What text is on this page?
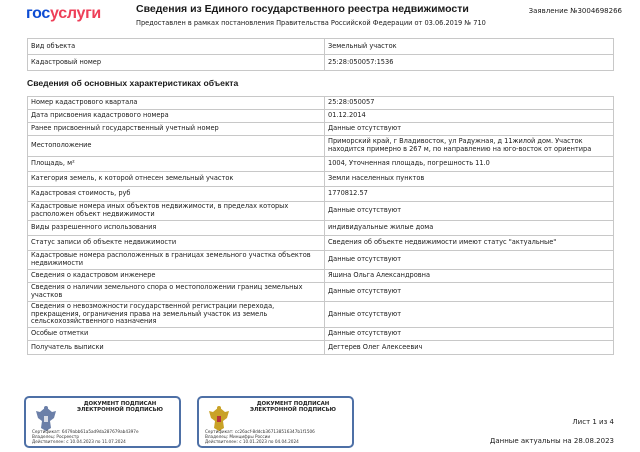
госуслуги	Сведения из Единого государственного реестра недвижимости
Предоставлен в рамках постановления Правительства Российской Федерации от 03.06.2019 № 710
Заявление №3004698266
Вид объекта	Земельный участок
Кадастровый номер	25:28:050057:1536
Сведения об основных характеристиках объекта
Номер кадастрового квартала	25:28:050057
Дата присвоения кадастрового номера	01.12.2014
Ранее присвоенный государственный учетный номер	Данные отсутствуют
Местоположение	Приморский край, г Владивосток, ул Радужная, д 11жилой дом. Участок находится примерно в 267 м, по направлению на юго-восток от ориентира
Площадь, м²	1004, Уточненная площадь, погрешность 11.0
Категория земель, к которой отнесен земельный участок	Земли населенных пунктов
Кадастровая стоимость, руб	1770812.57
Кадастровые номера иных объектов недвижимости, в пределах которых расположен объект недвижимости	Данные отсутствуют
Виды разрешенного использования	индивидуальные жилые дома
Статус записи об объекте недвижимости	Сведения об объекте недвижимости имеют статус "актуальные"
Кадастровые номера расположенных в границах земельного участка объектов недвижимости	Данные отсутствуют
Сведения о кадастровом инженере	Яшина Ольга Александровна
Сведения о наличии земельного спора о местоположении границ земельных участков	Данные отсутствуют
Сведения о невозможности государственной регистрации перехода, прекращения, ограничения права на земельный участок из земель сельскохозяйственного назначения	Данные отсутствуют
Особые отметки	Данные отсутствуют
Получатель выписки	Дегтерев Олег Алексеевич
ДОКУМЕНТ ПОДПИСАН ЭЛЕКТРОННОЙ ПОДПИСЬЮ
Сертификат: 6479abb61a5ad9da287679ab4397e
Владелец: Росреестр
Действителен: с 10.04.2023 по 11.07.2024
ДОКУМЕНТ ПОДПИСАН ЭЛЕКТРОННОЙ ПОДПИСЬЮ
Сертификат: cc26acf-8ddcb367138516347b1f1506
Владелец: Минцифры России
Действителен: с 10.01.2023 по 04.04.2024
Лист 1 из 4
Данные актуальны на 28.08.2023
